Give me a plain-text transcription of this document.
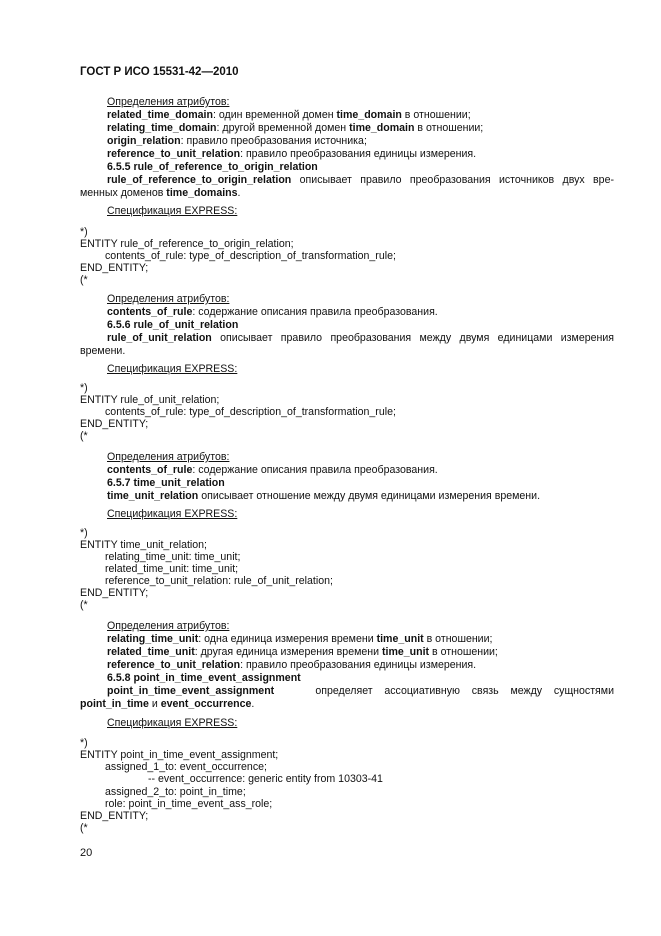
ГОСТ Р ИСО 15531-42—2010
Определения атрибутов:
related_time_domain: один временной домен time_domain в отношении;
relating_time_domain: другой временной домен time_domain в отношении;
origin_relation: правило преобразования источника;
reference_to_unit_relation: правило преобразования единицы измерения.
6.5.5 rule_of_reference_to_origin_relation
rule_of_reference_to_origin_relation описывает правило преобразования источников двух вре-
менных доменов time_domains.
Спецификация EXPRESS:
*)
ENTITY rule_of_reference_to_origin_relation;
contents_of_rule: type_of_description_of_transformation_rule;
END_ENTITY;
(*
Определения атрибутов:
contents_of_rule: содержание описания правила преобразования.
6.5.6 rule_of_unit_relation
rule_of_unit_relation описывает правило преобразования между двумя единицами измерения
времени.
Спецификация EXPRESS:
*)
ENTITY rule_of_unit_relation;
contents_of_rule: type_of_description_of_transformation_rule;
END_ENTITY;
(*
Определения атрибутов:
contents_of_rule: содержание описания правила преобразования.
6.5.7 time_unit_relation
time_unit_relation описывает отношение между двумя единицами измерения времени.
Спецификация EXPRESS:
*)
ENTITY time_unit_relation;
relating_time_unit: time_unit;
related_time_unit: time_unit;
reference_to_unit_relation: rule_of_unit_relation;
END_ENTITY;
(*
Определения атрибутов:
relating_time_unit: одна единица измерения времени time_unit в отношении;
related_time_unit: другая единица измерения времени time_unit в отношении;
reference_to_unit_relation: правило преобразования единицы измерения.
6.5.8 point_in_time_event_assignment
point_in_time_event_assignment	определяет    ассоциативную    связь    между    сущностями
point_in_time и event_occurrence.
Спецификация EXPRESS:
*)
ENTITY point_in_time_event_assignment;
assigned_1_to: event_occurrence;
-- event_occurrence: generic entity from 10303-41
assigned_2_to: point_in_time;
role: point_in_time_event_ass_role;
END_ENTITY;
(*
20
